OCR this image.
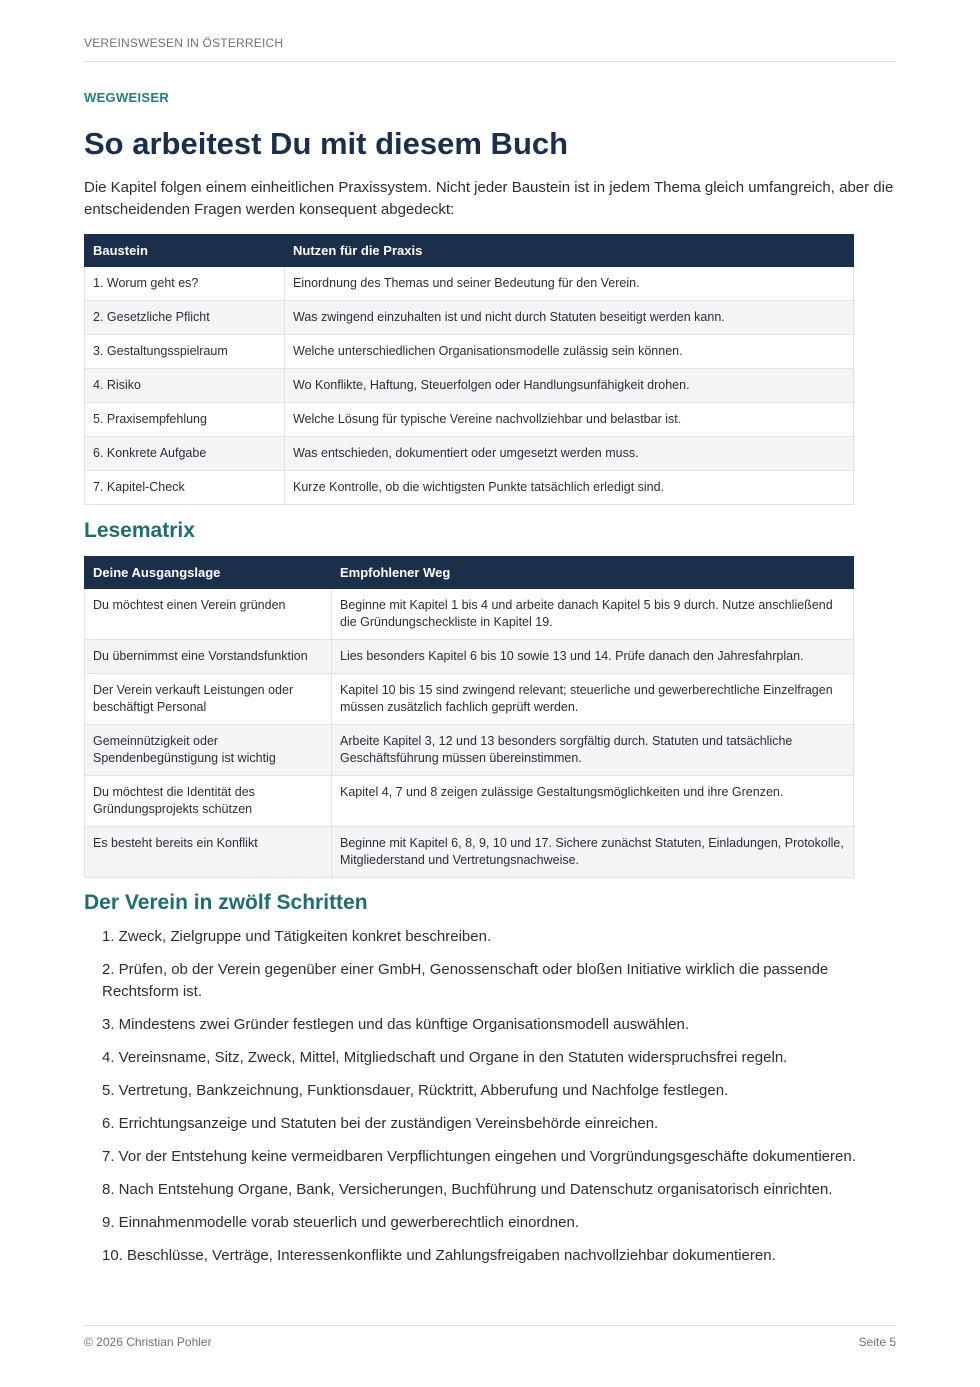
VEREINSWESEN IN ÖSTERREICH
WEGWEISER
So arbeitest Du mit diesem Buch

Die Kapitel folgen einem einheitlichen Praxissystem. Nicht jeder Baustein ist in jedem Thema gleich umfangreich, aber die entscheidenden Fragen werden konsequent abgedeckt:

Baustein	Nutzen für die Praxis
1. Worum geht es?	Einordnung des Themas und seiner Bedeutung für den Verein.
2. Gesetzliche Pflicht	Was zwingend einzuhalten ist und nicht durch Statuten beseitigt werden kann.
3. Gestaltungsspielraum	Welche unterschiedlichen Organisationsmodelle zulässig sein können.
4. Risiko	Wo Konflikte, Haftung, Steuerfolgen oder Handlungsunfähigkeit drohen.
5. Praxisempfehlung	Welche Lösung für typische Vereine nachvollziehbar und belastbar ist.
6. Konkrete Aufgabe	Was entschieden, dokumentiert oder umgesetzt werden muss.
7. Kapitel-Check	Kurze Kontrolle, ob die wichtigsten Punkte tatsächlich erledigt sind.
Lesematrix
Deine Ausgangslage	Empfohlener Weg
Du möchtest einen Verein gründen	Beginne mit Kapitel 1 bis 4 und arbeite danach Kapitel 5 bis 9 durch. Nutze anschließend die Gründungscheckliste in Kapitel 19.
Du übernimmst eine Vorstandsfunktion	Lies besonders Kapitel 6 bis 10 sowie 13 und 14. Prüfe danach den Jahresfahrplan.
Der Verein verkauft Leistungen oder beschäftigt Personal	Kapitel 10 bis 15 sind zwingend relevant; steuerliche und gewerberechtliche Einzelfragen müssen zusätzlich fachlich geprüft werden.
Gemeinnützigkeit oder Spendenbegünstigung ist wichtig	Arbeite Kapitel 3, 12 und 13 besonders sorgfältig durch. Statuten und tatsächliche Geschäftsführung müssen übereinstimmen.
Du möchtest die Identität des Gründungsprojekts schützen	Kapitel 4, 7 und 8 zeigen zulässige Gestaltungsmöglichkeiten und ihre Grenzen.
Es besteht bereits ein Konflikt	Beginne mit Kapitel 6, 8, 9, 10 und 17. Sichere zunächst Statuten, Einladungen, Protokolle, Mitgliederstand und Vertretungsnachweise.
Der Verein in zwölf Schritten
1. Zweck, Zielgruppe und Tätigkeiten konkret beschreiben.
2. Prüfen, ob der Verein gegenüber einer GmbH, Genossenschaft oder bloßen Initiative wirklich die passende Rechtsform ist.
3. Mindestens zwei Gründer festlegen und das künftige Organisationsmodell auswählen.
4. Vereinsname, Sitz, Zweck, Mittel, Mitgliedschaft und Organe in den Statuten widerspruchsfrei regeln.
5. Vertretung, Bankzeichnung, Funktionsdauer, Rücktritt, Abberufung und Nachfolge festlegen.
6. Errichtungsanzeige und Statuten bei der zuständigen Vereinsbehörde einreichen.
7. Vor der Entstehung keine vermeidbaren Verpflichtungen eingehen und Vorgründungsgeschäfte dokumentieren.
8. Nach Entstehung Organe, Bank, Versicherungen, Buchführung und Datenschutz organisatorisch einrichten.
9. Einnahmenmodelle vorab steuerlich und gewerberechtlich einordnen.
10. Beschlüsse, Verträge, Interessenkonflikte und Zahlungsfreigaben nachvollziehbar dokumentieren.
© 2026 Christian Pohler	Seite 5
